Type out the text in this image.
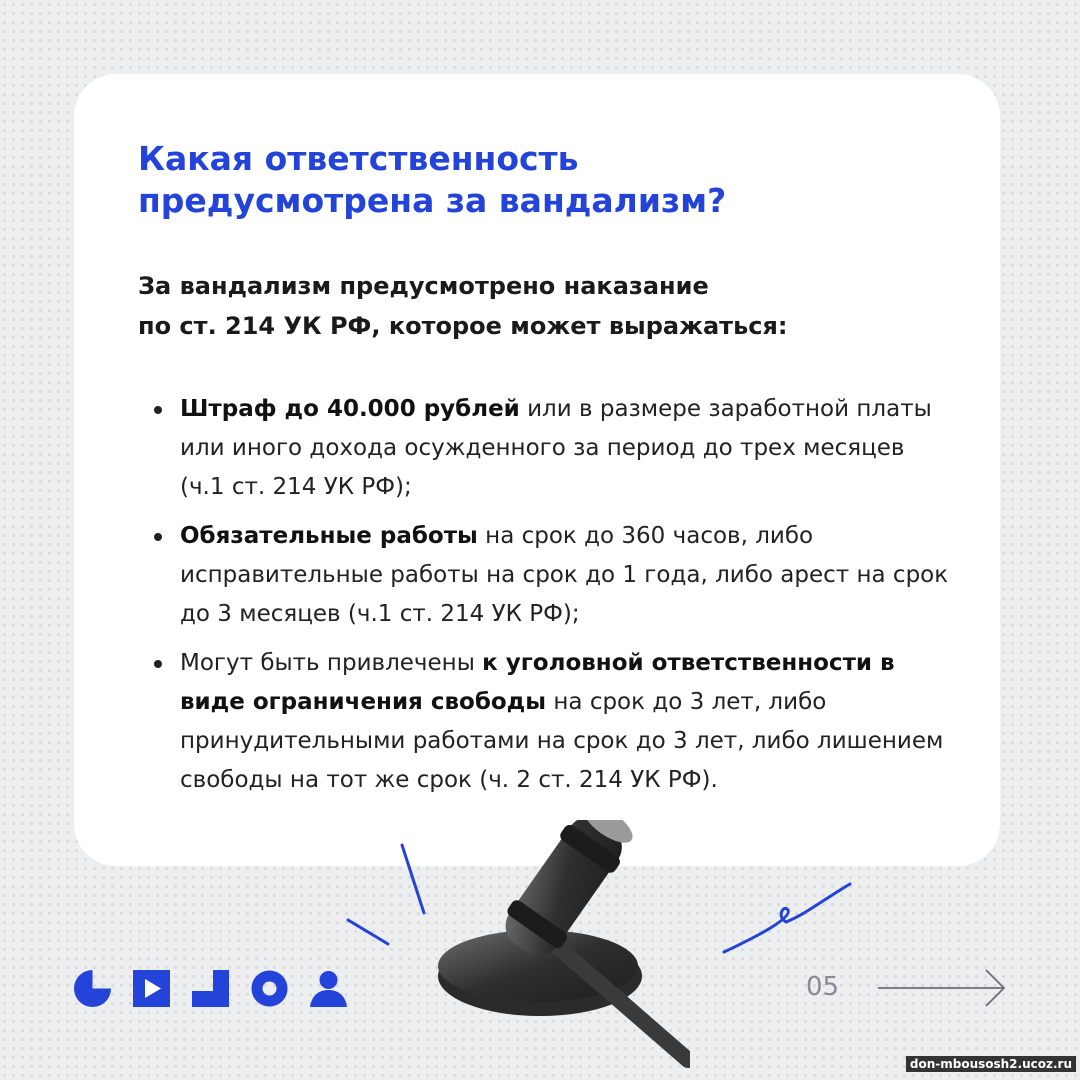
Какая ответственность
предусмотрена за вандализм?

За вандализм предусмотрено наказание
по ст. 214 УК РФ, которое может выражаться:

Штраф до 40.000 рублей или в размере заработной платы или иного дохода осужденного за период до трех месяцев (ч.1 ст. 214 УК РФ);
Обязательные работы на срок до 360 часов, либо исправительные работы на срок до 1 года, либо арест на срок до 3 месяцев (ч.1 ст. 214 УК РФ);
Могут быть привлечены к уголовной ответственности в виде ограничения свободы на срок до 3 лет, либо принудительными работами на срок до 3 лет, либо лишением свободы на тот же срок (ч. 2 ст. 214 УК РФ).
05
don-mbousosh2.ucoz.ru
